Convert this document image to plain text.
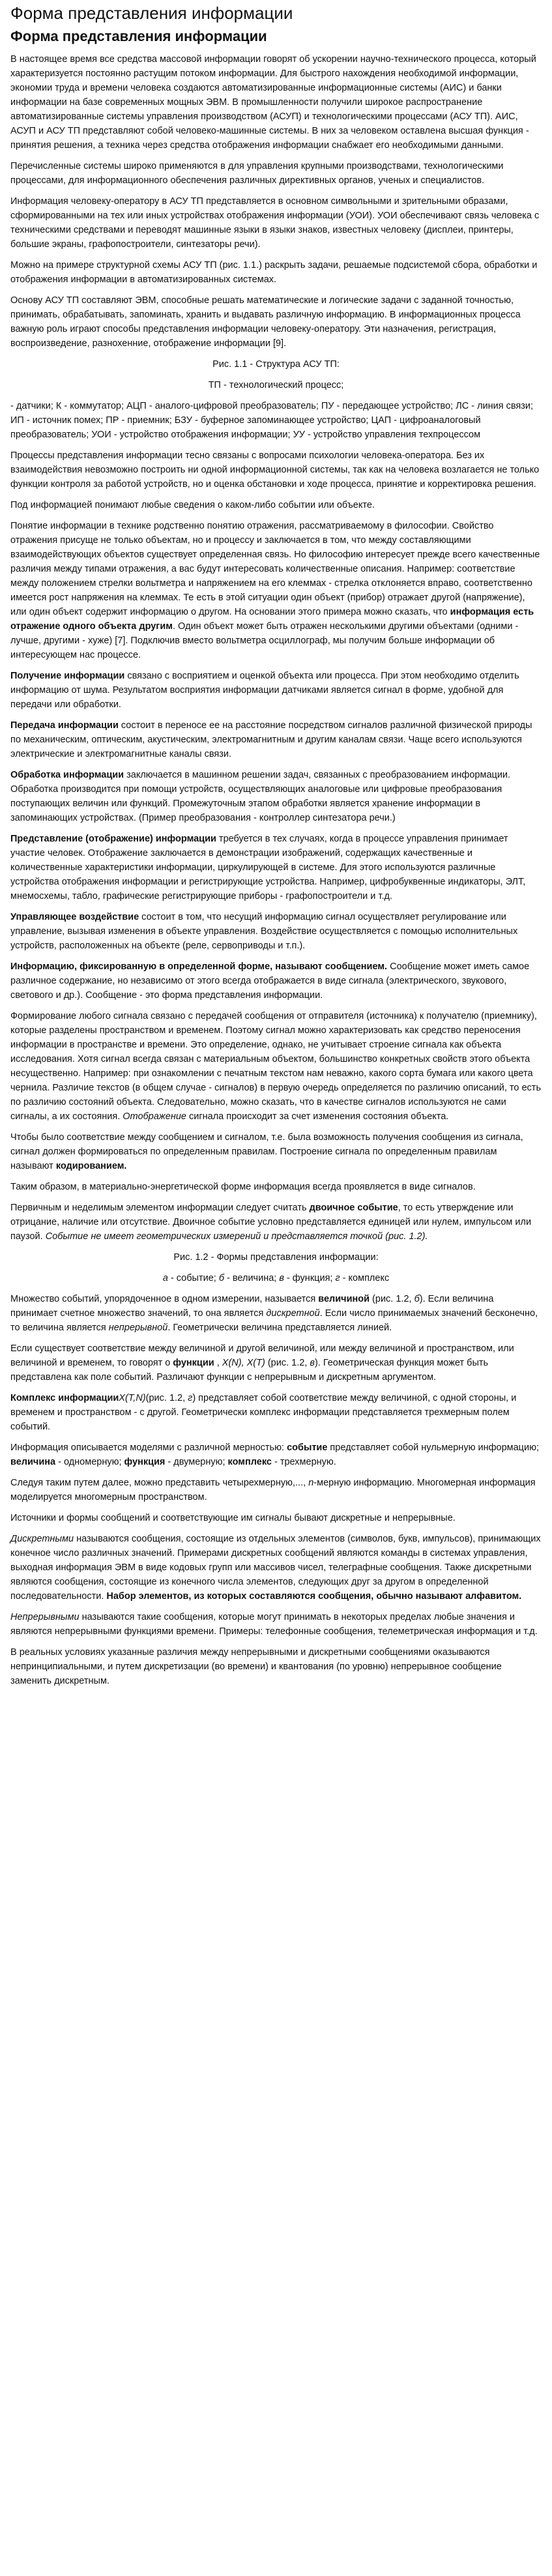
Форма представления информации
Форма представления информации

В настоящее время все средства массовой информации говорят об ускорении научно-технического процесса, который характеризуется постоянно растущим потоком информации. Для быстрого нахождения необходимой информации, экономии труда и времени человека создаются автоматизированные информационные системы (АИС) и банки информации на базе современных мощных ЭВМ. В промышленности получили широкое распространение автоматизированные системы управления производством (АСУП) и технологическими процессами (АСУ ТП). АИС, АСУП и АСУ ТП представляют собой человеко-машинные системы. В них за человеком оставлена высшая функция - принятия решения, а техника через средства отображения информации снабжает его необходимыми данными.

Перечисленные системы широко применяются в для управления крупными производствами, технологическими процессами, для информационного обеспечения различных директивных органов, ученых и специалистов.

Информация человеку-оператору в АСУ ТП представляется в основном символьными и зрительными образами, сформированными на тех или иных устройствах отображения информации (УОИ). УОИ обеспечивают связь человека с техническими средствами и переводят машинные языки в языки знаков, известных человеку (дисплеи, принтеры, большие экраны, графопостроители, синтезаторы речи).

Можно на примере структурной схемы АСУ ТП (рис. 1.1.) раскрыть задачи, решаемые подсистемой сбора, обработки и отображения информации в автоматизированных системах.

Основу АСУ ТП составляют ЭВМ, способные решать математические и логические задачи с заданной точностью, принимать, обрабатывать, запоминать, хранить и выдавать различную информацию. В информационных процесса важную роль играют способы представления информации человеку-оператору. Эти назначения, регистрация, воспроизведение, разнохенние, отображение информации [9].

Рис. 1.1 - Структура АСУ ТП:

ТП - технологический процесс;

- датчики; К - коммутатор; АЦП - аналого-цифровой преобразователь; ПУ - передающее устройство; ЛС - линия связи; ИП - источник помех; ПР - приемник; БЗУ - буферное запоминающее устройство; ЦАП - цифроаналоговый преобразователь; УОИ - устройство отображения информации; УУ - устройство управления техпроцессом

Процессы представления информации тесно связаны с вопросами психологии человека-оператора. Без их взаимодействия невозможно построить ни одной информационной системы, так как на человека возлагается не только функции контроля за работой устройств, но и оценка обстановки и ходе процесса, принятие и корректировка решения.

Под информацией понимают любые сведения о каком-либо событии или объекте.

Понятие информации в технике родственно понятию отражения, рассматриваемому в философии. Свойство отражения присуще не только объектам, но и процессу и заключается в том, что между составляющими взаимодействующих объектов существует определенная связь. Но философию интересует прежде всего качественные различия между типами отражения, а вас будут интересовать количественные описания. Например: соответствие между положением стрелки вольтметра и напряжением на его клеммах - стрелка отклоняется вправо, соответственно имеется рост напряжения на клеммах. Те есть в этой ситуации один объект (прибор) отражает другой (напряжение), или один объект содержит информацию о другом. На основании этого примера можно сказать, что информация есть отражение одного объекта другим. Один объект может быть отражен несколькими другими объектами (одними - лучше, другими - хуже) [7]. Подключив вместо вольтметра осциллограф, мы получим больше информации об интересующем нас процессе.

Получение информации связано с восприятием и оценкой объекта или процесса. При этом необходимо отделить информацию от шума. Результатом восприятия информации датчиками является сигнал в форме, удобной для передачи или обработки.

Передача информации состоит в переносе ее на расстояние посредством сигналов различной физической природы по механическим, оптическим, акустическим, электромагнитным и другим каналам связи. Чаще всего используются электрические и электромагнитные каналы связи.

Обработка информации заключается в машинном решении задач, связанных с преобразованием информации. Обработка производится при помощи устройств, осуществляющих аналоговые или цифровые преобразования поступающих величин или функций. Промежуточным этапом обработки является хранение информации в запоминающих устройствах. (Пример преобразования - контроллер синтезатора речи.)

Представление (отображение) информации требуется в тех случаях, когда в процессе управления принимает участие человек. Отображение заключается в демонстрации изображений, содержащих качественные и количественные характеристики информации, циркулирующей в системе. Для этого используются различные устройства отображения информации и регистрирующие устройства. Например, цифробуквенные индикаторы, ЭЛТ, мнемосхемы, табло, графические регистрирующие приборы - графопостроители и т.д.

Управляющее воздействие состоит в том, что несущий информацию сигнал осуществляет регулирование или управление, вызывая изменения в объекте управления. Воздействие осуществляется с помощью исполнительных устройств, расположенных на объекте (реле, сервоприводы и т.п.).

Информацию, фиксированную в определенной форме, называют сообщением. Сообщение может иметь самое различное содержание, но независимо от этого всегда отображается в виде сигнала (электрического, звукового, светового и др.). Сообщение - это форма представления информации.

Формирование любого сигнала связано с передачей сообщения от отправителя (источника) к получателю (приемнику), которые разделены пространством и временем. Поэтому сигнал можно характеризовать как средство переносения информации в пространстве и времени. Это определение, однако, не учитывает строение сигнала как объекта исследования. Хотя сигнал всегда связан с материальным объектом, большинство конкретных свойств этого объекта несущественно. Например: при ознакомлении с печатным текстом нам неважно, какого сорта бумага или какого цвета чернила. Различие текстов (в общем случае - сигналов) в первую очередь определяется по различию описаний, то есть по различию состояний объекта. Следовательно, можно сказать, что в качестве сигналов используются не сами сигналы, а их состояния. Отображение сигнала происходит за счет изменения состояния объекта.

Чтобы было соответствие между сообщением и сигналом, т.е. была возможность получения сообщения из сигнала, сигнал должен формироваться по определенным правилам. Построение сигнала по определенным правилам называют кодированием.

Таким образом, в материально-энергетической форме информация всегда проявляется в виде сигналов.

Первичным и неделимым элементом информации следует считать двоичное событие, то есть утверждение или отрицание, наличие или отсутствие. Двоичное событие условно представляется единицей или нулем, импульсом или паузой. Событие не имеет геометрических измерений и представляется точкой (рис. 1.2).

Рис. 1.2 - Формы представления информации:

а - событие; б - величина; в - функция; г - комплекс

Множество событий, упорядоченное в одном измерении, называется величиной (рис. 1.2, б). Если величина принимает счетное множество значений, то она является дискретной. Если число принимаемых значений бесконечно, то величина является непрерывной. Геометрически величина представляется линией.

Если существует соответствие между величиной и другой величиной, или между величиной и пространством, или величиной и временем, то говорят о функции , X(N), X(T) (рис. 1.2, в). Геометрическая функция может быть представлена как поле событий. Различают функции с непрерывным и дискретным аргументом.

Комплекс информацииX(T,N)(рис. 1.2, г) представляет собой соответствие между величиной, с одной стороны, и временем и пространством - с другой. Геометрически комплекс информации представляется трехмерным полем событий.

Информация описывается моделями с различной мерностью: событие представляет собой нульмерную информацию; величина - одномерную; функция - двумерную; комплекс - трехмерную.

Следуя таким путем далее, можно представить четырехмерную,..., n-мерную информацию. Многомерная информация моделируется многомерным пространством.

Источники и формы сообщений и соответствующие им сигналы бывают дискретные и непрерывные.

Дискретными называются сообщения, состоящие из отдельных элементов (символов, букв, импульсов), принимающих конечное число различных значений. Примерами дискретных сообщений являются команды в системах управления, выходная информация ЭВМ в виде кодовых групп или массивов чисел, телеграфные сообщения. Также дискретными являются сообщения, состоящие из конечного числа элементов, следующих друг за другом в определенной последовательности. Набор элементов, из которых составляются сообщения, обычно называют алфавитом.

Непрерывными называются такие сообщения, которые могут принимать в некоторых пределах любые значения и являются непрерывными функциями времени. Примеры: телефонные сообщения, телеметрическая информация и т.д.

В реальных условиях указанные различия между непрерывными и дискретными сообщениями оказываются непринципиальными, и путем дискретизации (во времени) и квантования (по уровню) непрерывное сообщение заменить дискретным.
